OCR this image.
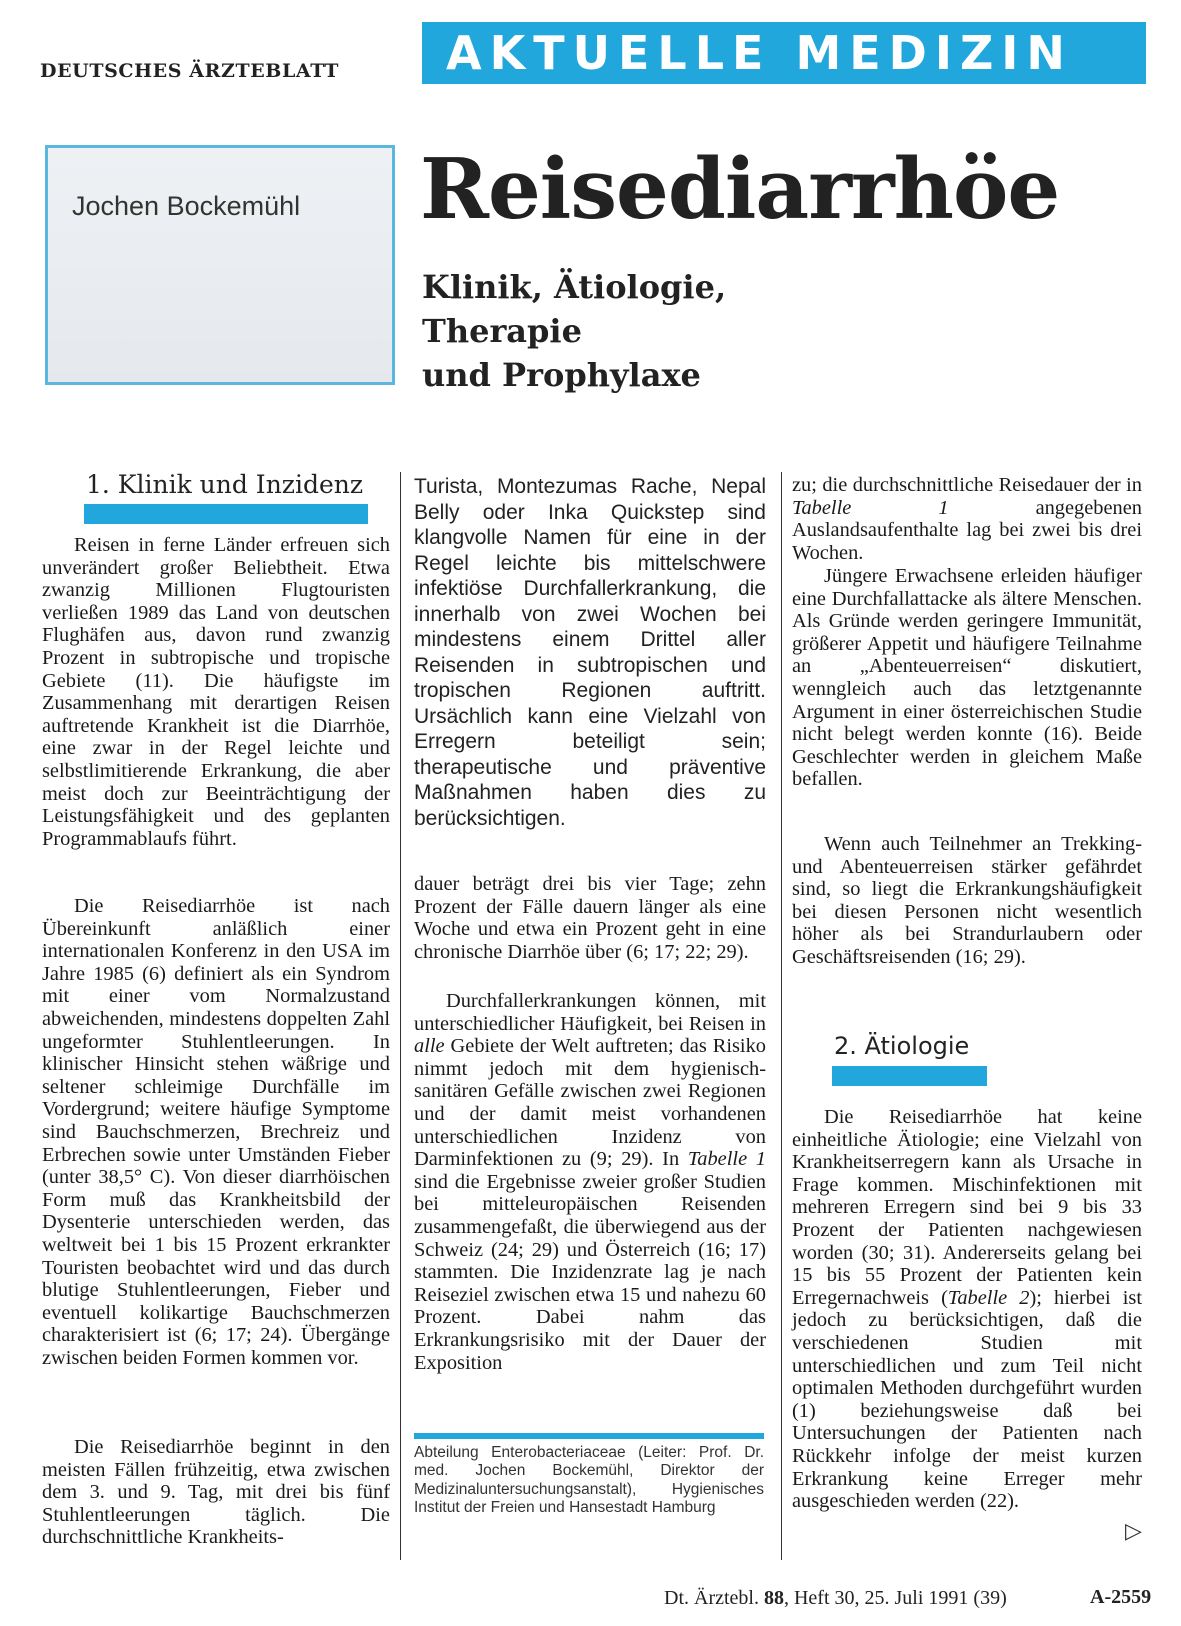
DEUTSCHES ÄRZTEBLATT	AKTUELLE MEDIZIN
Jochen Bockemühl Reisediarrhöe
Klinik, Ätiologie,
Therapie
und Prophylaxe
1. Klinik und Inzidenz

Reisen in ferne Länder erfreuen sich unverändert großer Beliebtheit. Etwa zwanzig Millionen Flugtouristen verließen 1989 das Land von deutschen Flughäfen aus, davon rund zwanzig Prozent in subtropische und tropische Gebiete (11). Die häufigste im Zusammenhang mit derartigen Reisen auftretende Krankheit ist die Diarrhöe, eine zwar in der Regel leichte und selbstlimitierende Erkrankung, die aber meist doch zur Beeinträchtigung der Leistungsfähigkeit und des geplanten Programmablaufs führt.

Die Reisediarrhöe ist nach Übereinkunft anläßlich einer internationalen Konferenz in den USA im Jahre 1985 (6) definiert als ein Syndrom mit einer vom Normalzustand abweichenden, mindestens doppelten Zahl ungeformter Stuhlentleerungen. In klinischer Hinsicht stehen wäßrige und seltener schleimige Durchfälle im Vordergrund; weitere häufige Symptome sind Bauchschmerzen, Brechreiz und Erbrechen sowie unter Umständen Fieber (unter 38,5° C). Von dieser diarrhöischen Form muß das Krankheitsbild der Dysenterie unterschieden werden, das weltweit bei 1 bis 15 Prozent erkrankter Touristen beobachtet wird und das durch blutige Stuhlentleerungen, Fieber und eventuell kolikartige Bauchschmerzen charakterisiert ist (6; 17; 24). Übergänge zwischen beiden Formen kommen vor.

Die Reisediarrhöe beginnt in den meisten Fällen frühzeitig, etwa zwischen dem 3. und 9. Tag, mit drei bis fünf Stuhlentleerungen täglich. Die durchschnittliche Krankheits-

Turista, Montezumas Rache, Nepal Belly oder Inka Quickstep sind klangvolle Namen für eine in der Regel leichte bis mittelschwere infektiöse Durchfallerkrankung, die innerhalb von zwei Wochen bei mindestens einem Drittel aller Reisenden in subtropischen und tropischen Regionen auftritt. Ursächlich kann eine Vielzahl von Erregern beteiligt sein; therapeutische und präventive Maßnahmen haben dies zu berücksichtigen.

dauer beträgt drei bis vier Tage; zehn Prozent der Fälle dauern länger als eine Woche und etwa ein Prozent geht in eine chronische Diarrhöe über (6; 17; 22; 29).

Durchfallerkrankungen können, mit unterschiedlicher Häufigkeit, bei Reisen in alle Gebiete der Welt auftreten; das Risiko nimmt jedoch mit dem hygienisch-sanitären Gefälle zwischen zwei Regionen und der damit meist vorhandenen unterschiedlichen Inzidenz von Darminfektionen zu (9; 29). In Tabelle 1 sind die Ergebnisse zweier großer Studien bei mitteleuropäischen Reisenden zusammengefaßt, die überwiegend aus der Schweiz (24; 29) und Österreich (16; 17) stammten. Die Inzidenzrate lag je nach Reiseziel zwischen etwa 15 und nahezu 60 Prozent. Dabei nahm das Erkrankungsrisiko mit der Dauer der Exposition

Abteilung Enterobacteriaceae (Leiter: Prof. Dr. med. Jochen Bockemühl, Direktor der Medizinaluntersuchungsanstalt), Hygienisches Institut der Freien und Hansestadt Hamburg

zu; die durchschnittliche Reisedauer der in Tabelle 1 angegebenen Auslandsaufenthalte lag bei zwei bis drei Wochen.

Jüngere Erwachsene erleiden häufiger eine Durchfallattacke als ältere Menschen. Als Gründe werden geringere Immunität, größerer Appetit und häufigere Teilnahme an „Abenteuerreisen“ diskutiert, wenngleich auch das letztgenannte Argument in einer österreichischen Studie nicht belegt werden konnte (16). Beide Geschlechter werden in gleichem Maße befallen.

Wenn auch Teilnehmer an Trekking- und Abenteuerreisen stärker gefährdet sind, so liegt die Erkrankungshäufigkeit bei diesen Personen nicht wesentlich höher als bei Strandurlaubern oder Geschäftsreisenden (16; 29).

2. Ätiologie

Die Reisediarrhöe hat keine einheitliche Ätiologie; eine Vielzahl von Krankheitserregern kann als Ursache in Frage kommen. Mischinfektionen mit mehreren Erregern sind bei 9 bis 33 Prozent der Patienten nachgewiesen worden (30; 31). Andererseits gelang bei 15 bis 55 Prozent der Patienten kein Erregernachweis (Tabelle 2); hierbei ist jedoch zu berücksichtigen, daß die verschiedenen Studien mit unterschiedlichen und zum Teil nicht optimalen Methoden durchgeführt wurden (1) beziehungsweise daß bei Untersuchungen der Patienten nach Rückkehr infolge der meist kurzen Erkrankung keine Erreger mehr ausgeschieden werden (22).

▷
Dt. Ärztebl. 88, Heft 30, 25. Juli 1991 (39)	A-2559
